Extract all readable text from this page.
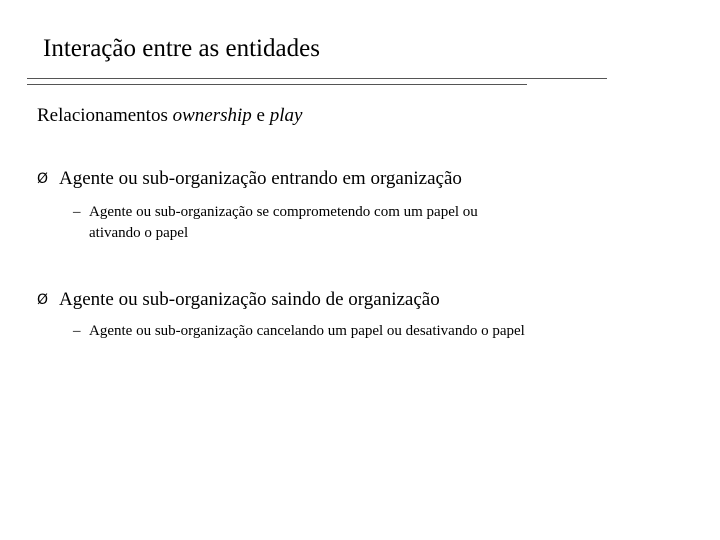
Interação entre as entidades
Relacionamentos ownership e play
Ø Agente ou sub-organização entrando em organização
– Agente ou sub-organização se comprometendo com um papel ou
ativando o papel
Ø Agente ou sub-organização saindo de organização
– Agente ou sub-organização cancelando um papel ou desativando o papel
